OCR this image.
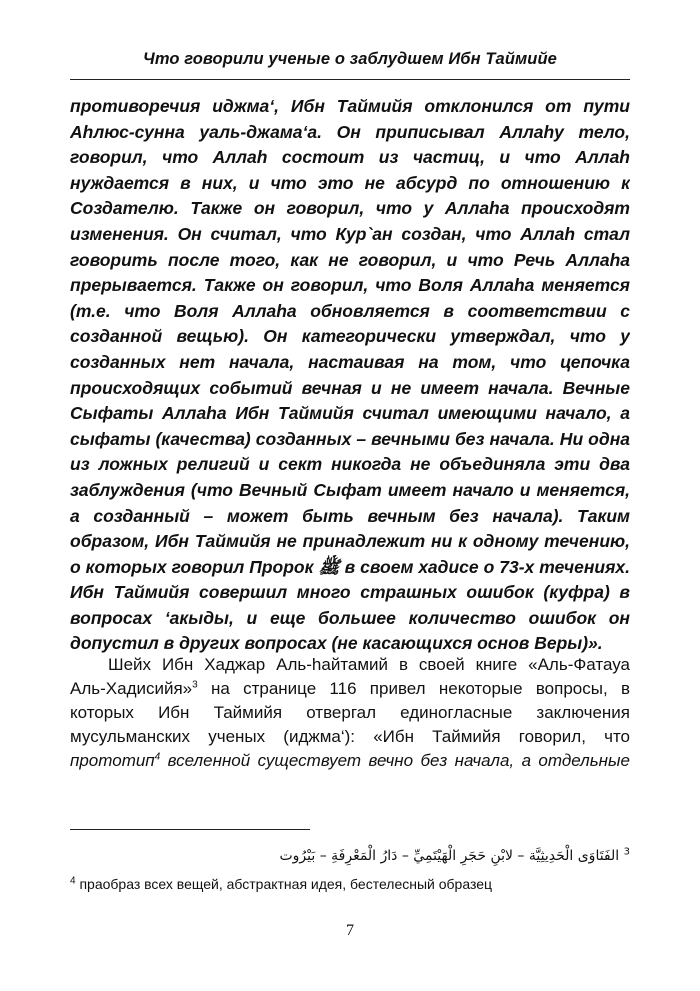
Что говорили ученые о заблудшем Ибн Таймийе
противоречия иджма‘, Ибн Таймийя отклонился от пути
Аhлюс-сунна уаль-джама‘а. Он приписывал Аллаhу тело,
говорил, что Аллаh состоит из частиц, и что Аллаh
нуждается в них, и что это не абсурд по отношению к
Создателю. Также он говорил, что у Аллаhа происходят
изменения. Он считал, что Кур`ан создан, что Аллаh стал
говорить после того, как не говорил, и что Речь Аллаhа
прерывается. Также он говорил, что Воля Аллаhа меняется
(т.е. что Воля Аллаhа обновляется в соответствии с
созданной вещью). Он категорически утверждал, что у
созданных нет начала, настаивая на том, что цепочка
происходящих событий вечная и не имеет начала. Вечные
Сыфаты Аллаhа Ибн Таймийя считал имеющими начало, а
сыфаты (качества) созданных – вечными без начала. Ни одна
из ложных религий и сект никогда не объединяла эти два
заблуждения (что Вечный Сыфат имеет начало и меняется,
а созданный – может быть вечным без начала). Таким
образом, Ибн Таймийя не принадлежит ни к одному течению,
о которых говорил Пророк ﷺ в своем хадисе о 73-х течениях.
Ибн Таймийя совершил много страшных ошибок (куфра) в
вопросах ‘акыды, и еще большее количество ошибок он
допустил в других вопросах (не касающихся основ Веры)».
Шейх Ибн Хаджар Аль-hайтамий в своей книге «Аль-Фатауа
Аль-Хадисийя»$^3$ на странице 116 привел некоторые вопросы, в
которых Ибн Таймийя отвергал единогласные заключения
мусульманских ученых (иджма‘): «Ибн Таймийя говорил, что
прототип$^4$ вселенной существует вечно без начала, а отдельные
$^3$ الفَتَاوَى الْحَدِيثِيَّة – لابْنِ حَجَرِ الْهَيْتَمِيِّ – دَارُ الْمَعْرِفَةِ – بَيْرُوت
$^4$ праобраз всех вещей, абстрактная идея, бестелесный образец
7
